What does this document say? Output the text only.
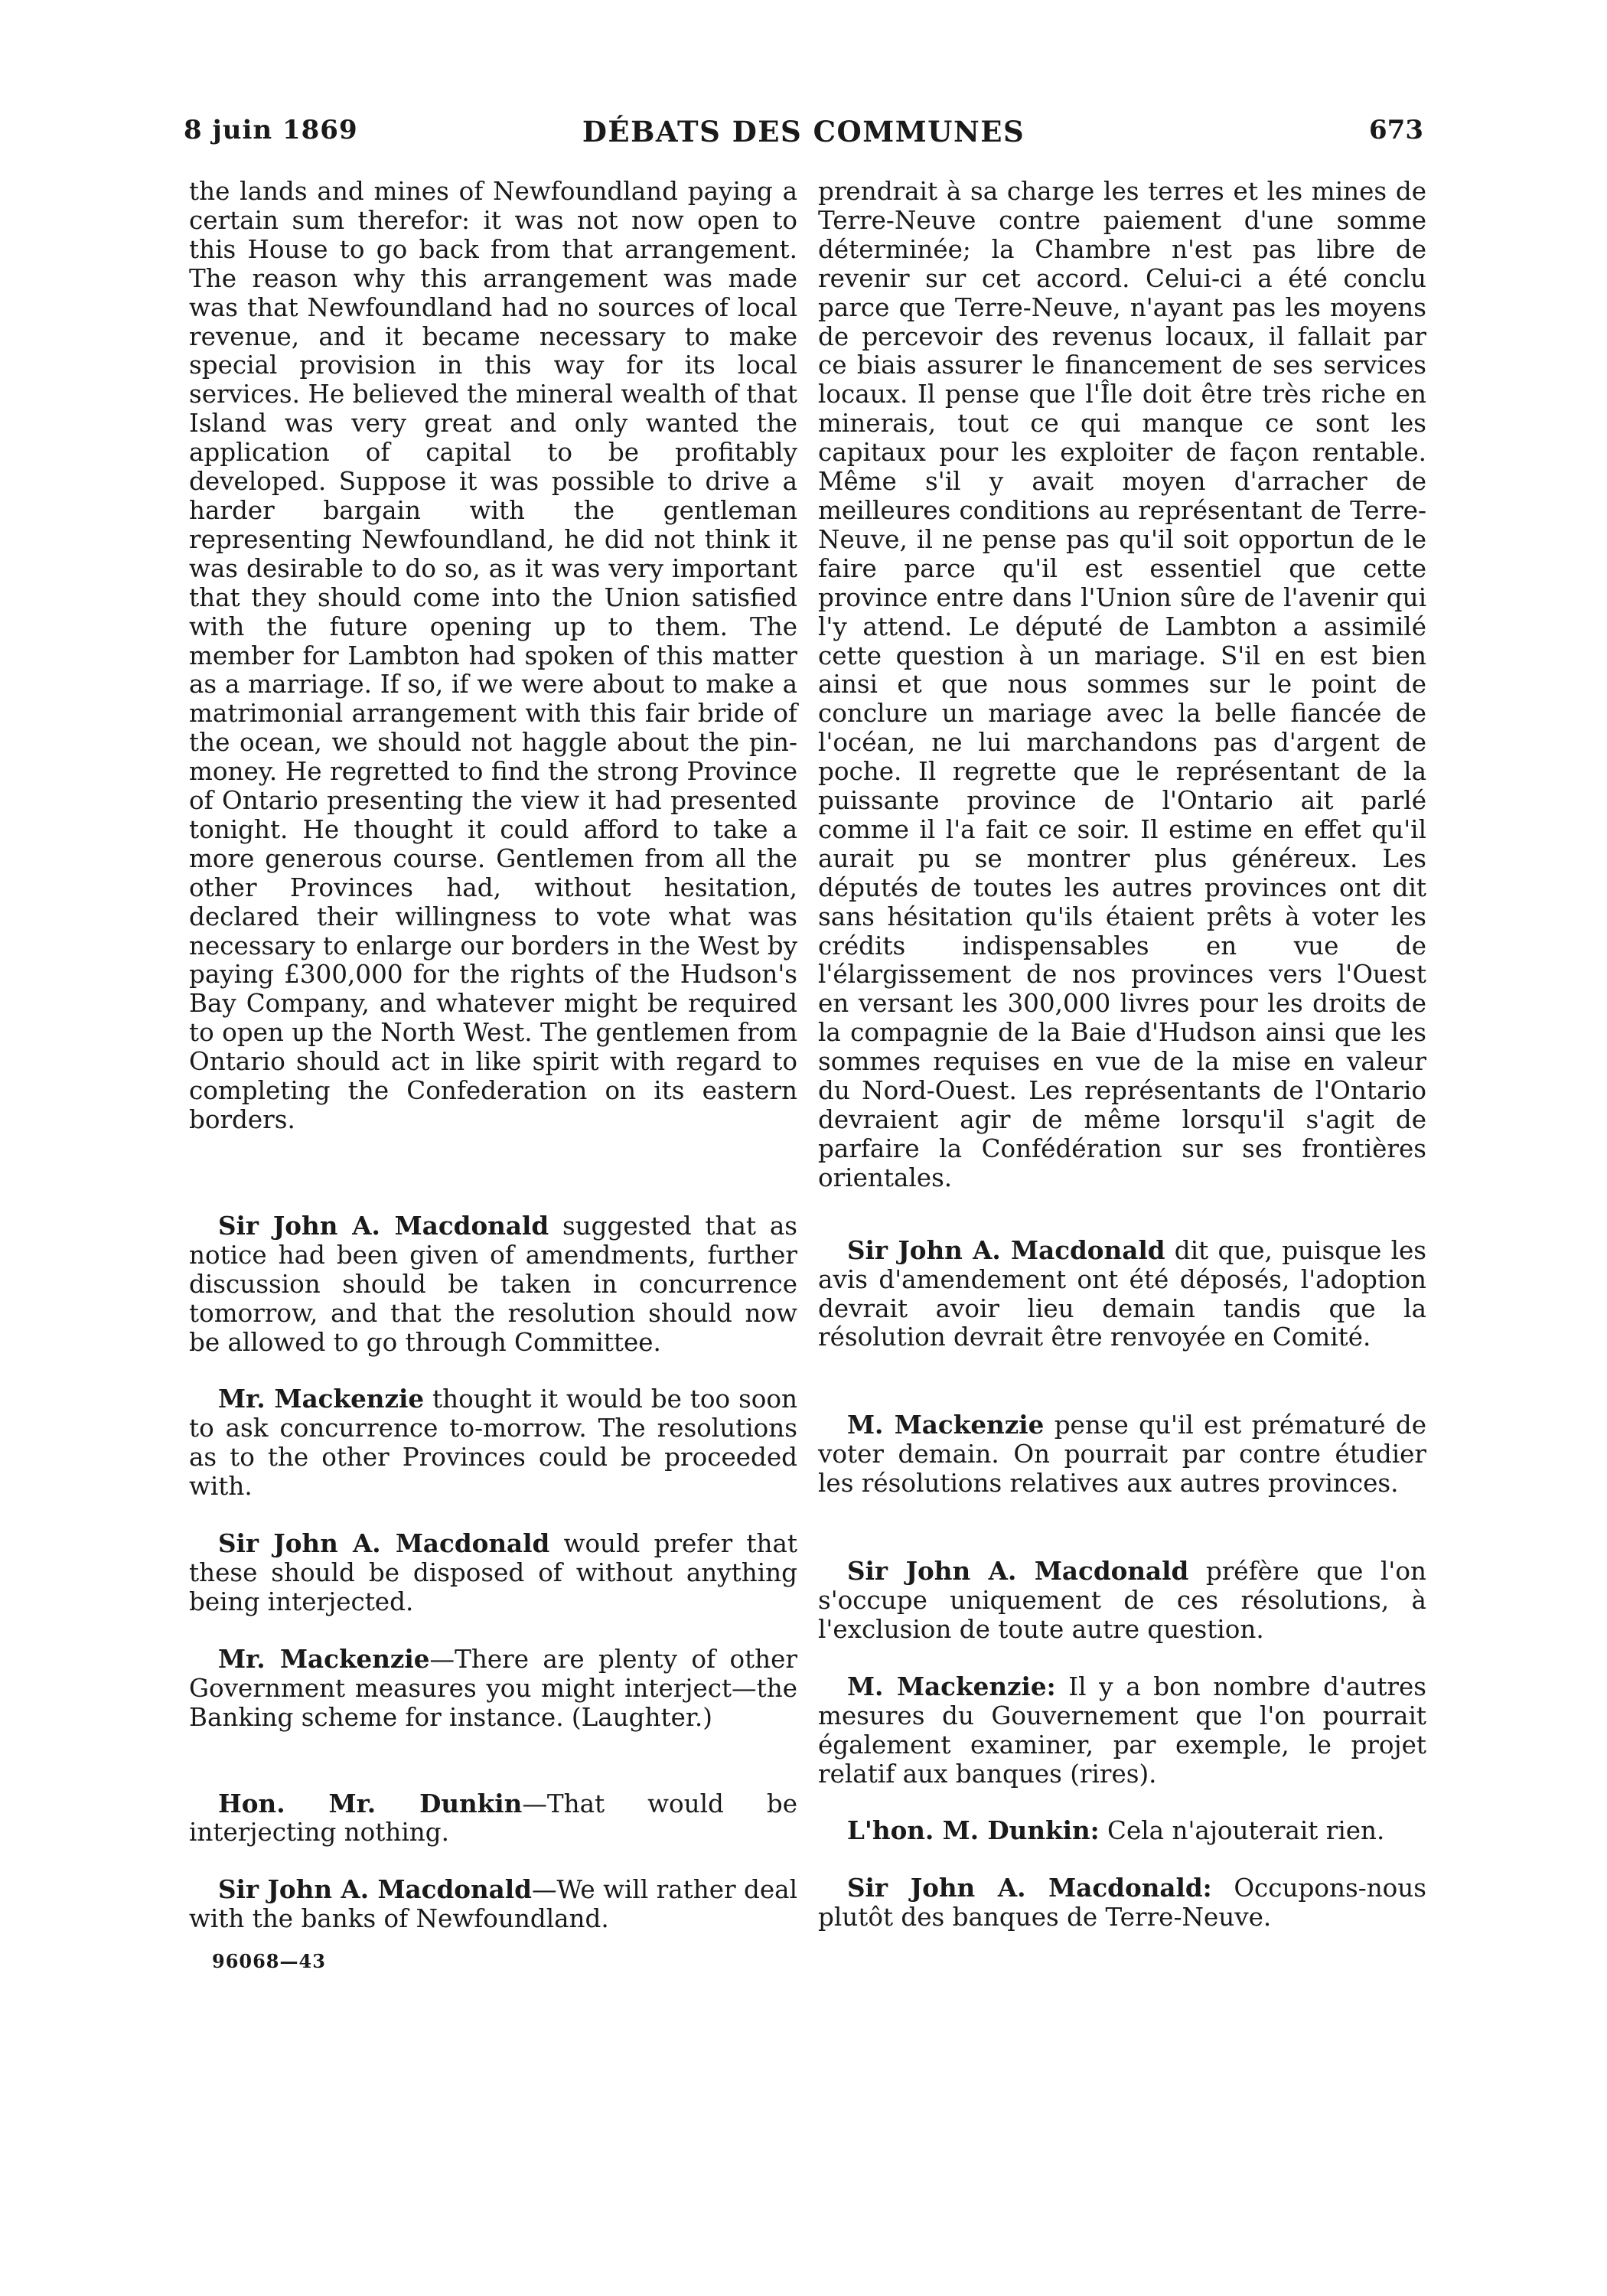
8 juin 1869	DÉBATS DES COMMUNES	673

the lands and mines of Newfoundland paying a certain sum therefor: it was not now open to this House to go back from that arrangement. The reason why this arrangement was made was that Newfoundland had no sources of local revenue, and it became necessary to make special provision in this way for its local services. He believed the mineral wealth of that Island was very great and only wanted the application of capital to be profitably developed. Suppose it was possible to drive a harder bargain with the gentleman representing Newfoundland, he did not think it was desirable to do so, as it was very important that they should come into the Union satisfied with the future opening up to them. The member for Lambton had spoken of this matter as a marriage. If so, if we were about to make a matrimonial arrangement with this fair bride of the ocean, we should not haggle about the pin-money. He regretted to find the strong Province of Ontario presenting the view it had presented tonight. He thought it could afford to take a more generous course. Gentlemen from all the other Provinces had, without hesitation, declared their willingness to vote what was necessary to enlarge our borders in the West by paying £300,000 for the rights of the Hudson's Bay Company, and whatever might be required to open up the North West. The gentlemen from Ontario should act in like spirit with regard to completing the Confederation on its eastern borders.

Sir John A. Macdonald suggested that as notice had been given of amendments, further discussion should be taken in concurrence tomorrow, and that the resolution should now be allowed to go through Committee.

Mr. Mackenzie thought it would be too soon to ask concurrence to-morrow. The resolutions as to the other Provinces could be proceeded with.

Sir John A. Macdonald would prefer that these should be disposed of without anything being interjected.

Mr. Mackenzie—There are plenty of other Government measures you might interject—the Banking scheme for instance. (Laughter.)

Hon. Mr. Dunkin—That would be interjecting nothing.

Sir John A. Macdonald—We will rather deal with the banks of Newfoundland.

prendrait à sa charge les terres et les mines de Terre-Neuve contre paiement d'une somme déterminée; la Chambre n'est pas libre de revenir sur cet accord. Celui-ci a été conclu parce que Terre-Neuve, n'ayant pas les moyens de percevoir des revenus locaux, il fallait par ce biais assurer le financement de ses services locaux. Il pense que l'Île doit être très riche en minerais, tout ce qui manque ce sont les capitaux pour les exploiter de façon rentable. Même s'il y avait moyen d'arracher de meilleures conditions au représentant de Terre-Neuve, il ne pense pas qu'il soit opportun de le faire parce qu'il est essentiel que cette province entre dans l'Union sûre de l'avenir qui l'y attend. Le député de Lambton a assimilé cette question à un mariage. S'il en est bien ainsi et que nous sommes sur le point de conclure un mariage avec la belle fiancée de l'océan, ne lui marchandons pas d'argent de poche. Il regrette que le représentant de la puissante province de l'Ontario ait parlé comme il l'a fait ce soir. Il estime en effet qu'il aurait pu se montrer plus généreux. Les députés de toutes les autres provinces ont dit sans hésitation qu'ils étaient prêts à voter les crédits indispensables en vue de l'élargissement de nos provinces vers l'Ouest en versant les 300,000 livres pour les droits de la compagnie de la Baie d'Hudson ainsi que les sommes requises en vue de la mise en valeur du Nord-Ouest. Les représentants de l'Ontario devraient agir de même lorsqu'il s'agit de parfaire la Confédération sur ses frontières orientales.

Sir John A. Macdonald dit que, puisque les avis d'amendement ont été déposés, l'adoption devrait avoir lieu demain tandis que la résolution devrait être renvoyée en Comité.

M. Mackenzie pense qu'il est prématuré de voter demain. On pourrait par contre étudier les résolutions relatives aux autres provinces.

Sir John A. Macdonald préfère que l'on s'occupe uniquement de ces résolutions, à l'exclusion de toute autre question.

M. Mackenzie: Il y a bon nombre d'autres mesures du Gouvernement que l'on pourrait également examiner, par exemple, le projet relatif aux banques (rires).

L'hon. M. Dunkin: Cela n'ajouterait rien.

Sir John A. Macdonald: Occupons-nous plutôt des banques de Terre-Neuve.

96068—43
